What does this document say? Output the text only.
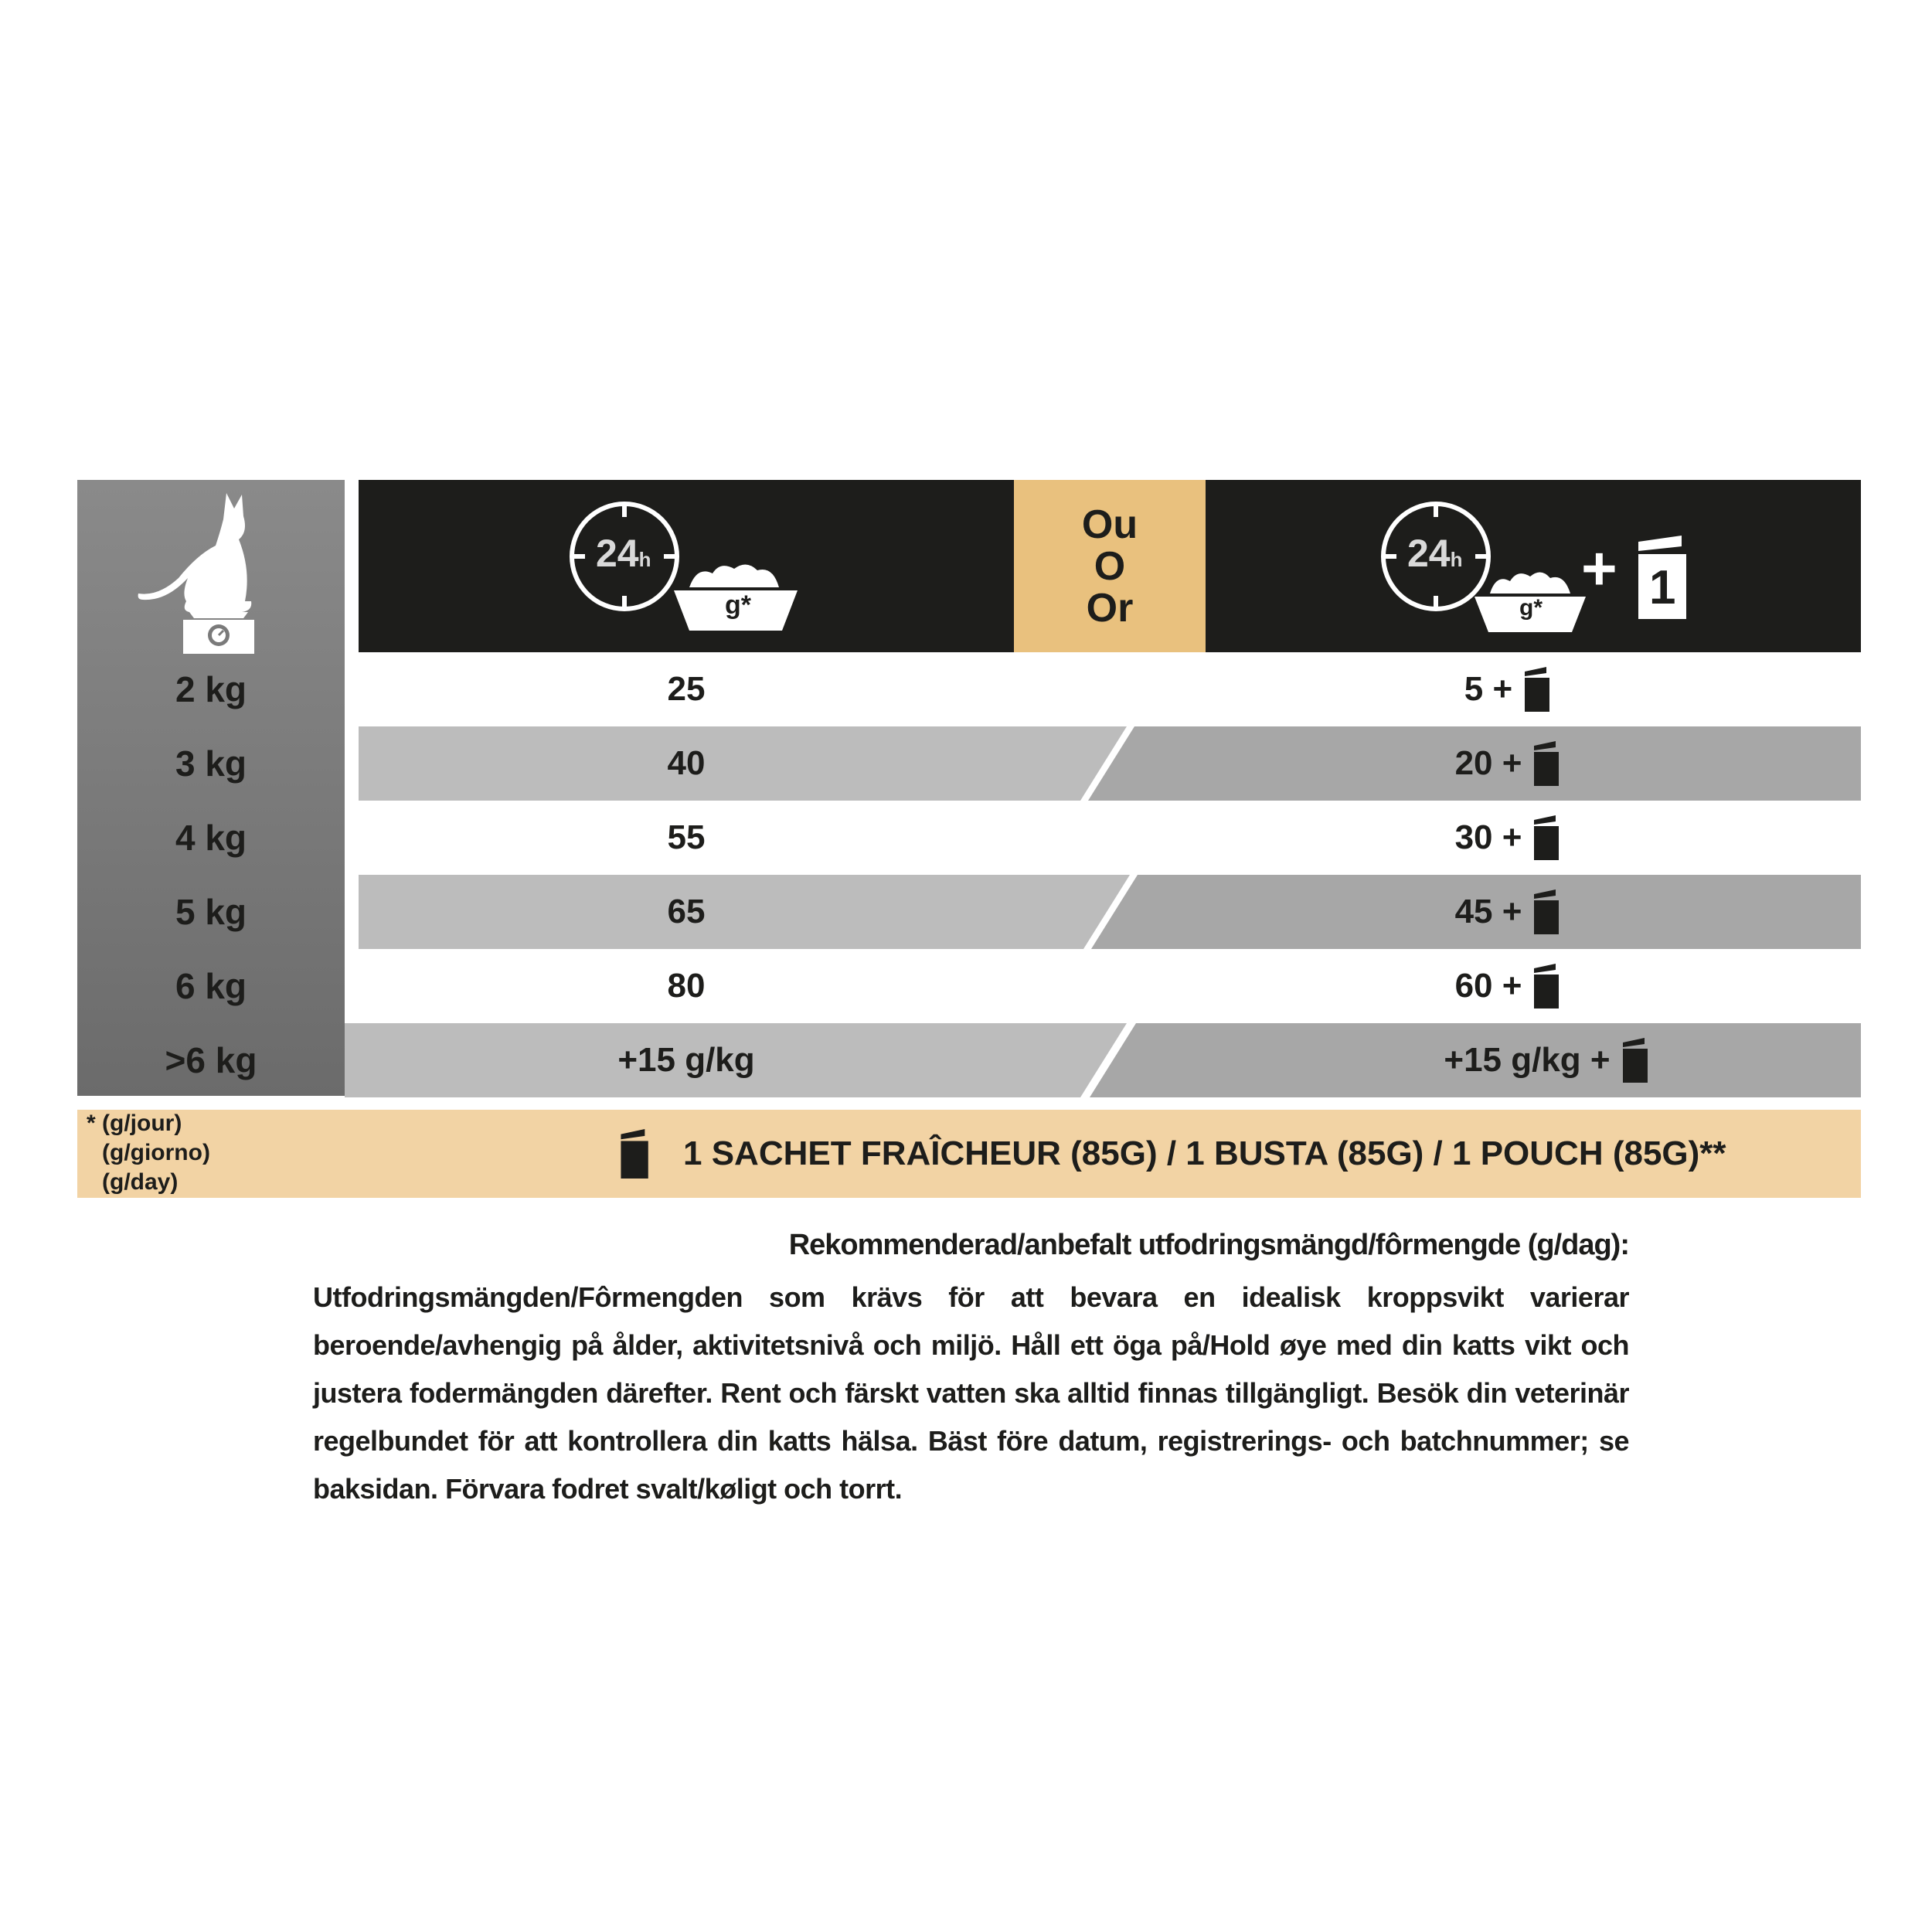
Ou
O
Or
24h
g*
24h
g*
+ 1
2 kg
3 kg
4 kg
5 kg
6 kg
>6 kg
25
40
55
65
80
+15 g/kg
5 +
20 +
30 +
45 +
60 +
+15 g/kg +
* (g/jour)
(g/giorno)
(g/day)
1 SACHET FRAÎCHEUR (85G) / 1 BUSTA (85G) / 1 POUCH (85G)**
Rekommenderad/anbefalt utfodringsmängd/fôrmengde (g/dag):
Utfodringsmängden/Fôrmengden som krävs för att bevara en idealisk kroppsvikt varierar beroende/avhengig på ålder, aktivitetsnivå och miljö. Håll ett öga på/Hold øye med din katts vikt och justera fodermängden därefter. Rent och färskt vatten ska alltid finnas tillgängligt. Besök din veterinär regelbundet för att kontrollera din katts hälsa. Bäst före datum, registrerings- och batchnummer; se baksidan. Förvara fodret svalt/køligt och torrt.
